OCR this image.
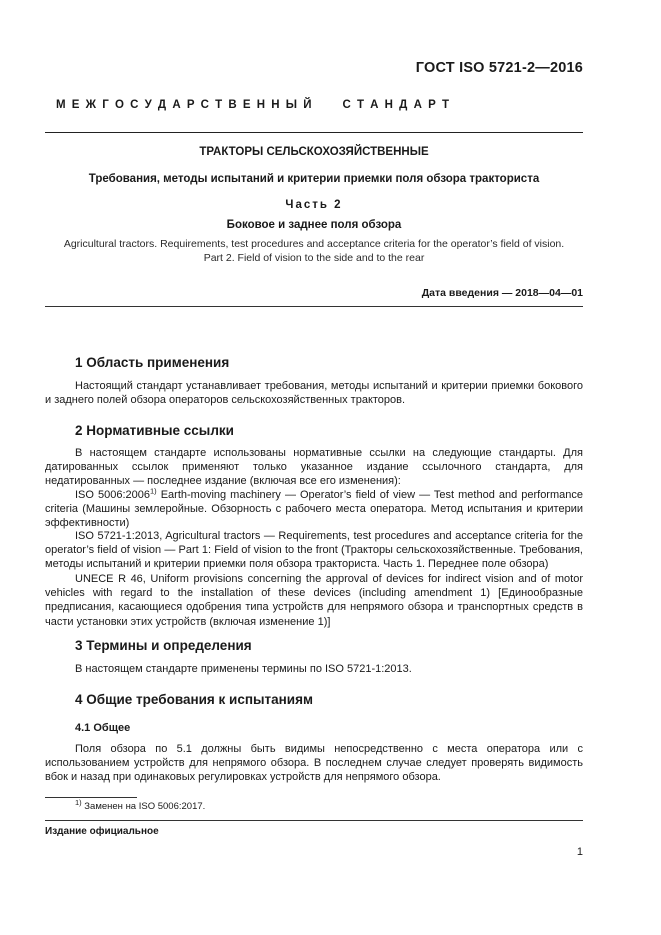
ГОСТ ISO 5721-2—2016
М Е Ж Г О С У Д А Р С Т В Е Н Н Ы Й     С Т А Н Д А Р Т
ТРАКТОРЫ СЕЛЬСКОХОЗЯЙСТВЕННЫЕ
Требования, методы испытаний и критерии приемки поля обзора тракториста
Часть 2
Боковое и заднее поля обзора
Agricultural tractors. Requirements, test procedures and acceptance criteria for the operator’s field of vision.
Part 2. Field of vision to the side and to the rear
Дата введения — 2018—04—01
1 Область применения

Настоящий стандарт устанавливает требования, методы испытаний и критерии приемки бокового и заднего полей обзора операторов сельскохозяйственных тракторов.

2 Нормативные ссылки

В настоящем стандарте использованы нормативные ссылки на следующие стандарты. Для датированных ссылок применяют только указанное издание ссылочного стандарта, для недатированных — последнее издание (включая все его изменения):

ISO 5006:2006$^{1)}$ Earth-moving machinery — Operator’s field of view — Test method and performance criteria (Машины землеройные. Обзорность с рабочего места оператора. Метод испытания и критерии эффективности)

ISO 5721-1:2013, Agricultural tractors — Requirements, test procedures and acceptance criteria for the operator’s field of vision — Part 1: Field of vision to the front (Тракторы сельскохозяйственные. Требования, методы испытаний и критерии приемки поля обзора тракториста. Часть 1. Переднее поле обзора)

UNECE R 46, Uniform provisions concerning the approval of devices for indirect vision and of motor vehicles with regard to the installation of these devices (including amendment 1) [Единообразные предписания, касающиеся одобрения типа устройств для непрямого обзора и транспортных средств в части установки этих устройств (включая изменение 1)]

3 Термины и определения

В настоящем стандарте применены термины по ISO 5721-1:2013.

4 Общие требования к испытаниям
4.1 Общее

Поля обзора по 5.1 должны быть видимы непосредственно с места оператора или с использованием устройств для непрямого обзора. В последнем случае следует проверять видимость вбок и назад при одинаковых регулировках устройств для непрямого обзора.

$^{1)}$ Заменен на ISO 5006:2017.
Издание официальное
1
